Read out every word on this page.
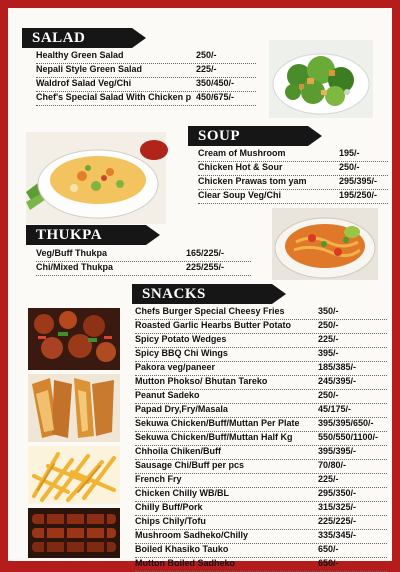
SALAD
Healthy Green Salad	250/-
Nepali Style Green Salad	225/-
Waldrof Salad Veg/Chi	350/450/-
Chef's Special Salad With Chicken p 450/675/-
SOUP
Cream of Mushroom	195/-
Chicken Hot & Sour	250/-
Chicken Prawas tom yam	295/395/-
Clear Soup Veg/Chi	195/250/-
THUKPA
Veg/Buff Thukpa	165/225/-
Chi/Mixed Thukpa	225/255/-
SNACKS
Chefs Burger Special Cheesy Fries	350/-
Roasted Garlic Hearbs Butter Potato	250/-
Spicy Potato Wedges	225/-
Spicy BBQ Chi Wings	395/-
Pakora veg/paneer	185/385/-
Mutton Phokso/ Bhutan Tareko	245/395/-
Peanut Sadeko	250/-
Papad Dry,Fry/Masala	45/175/-
Sekuwa Chicken/Buff/Muttan Per Plate 395/395/650/-
Sekuwa Chicken/Buff/Muttan Half Kg	550/550/1100/-
Chhoila Chiken/Buff	395/395/-
Sausage Chi/Buff per pcs	70/80/-
French Fry	225/-
Chicken Chilly WB/BL	295/350/-
Chilly Buff/Pork	315/325/-
Chips Chily/Tofu	225/225/-
Mushroom Sadheko/Chilly	335/345/-
Boiled Khasiko Tauko	650/-
Mutton Boiled Sadheko	650/-
